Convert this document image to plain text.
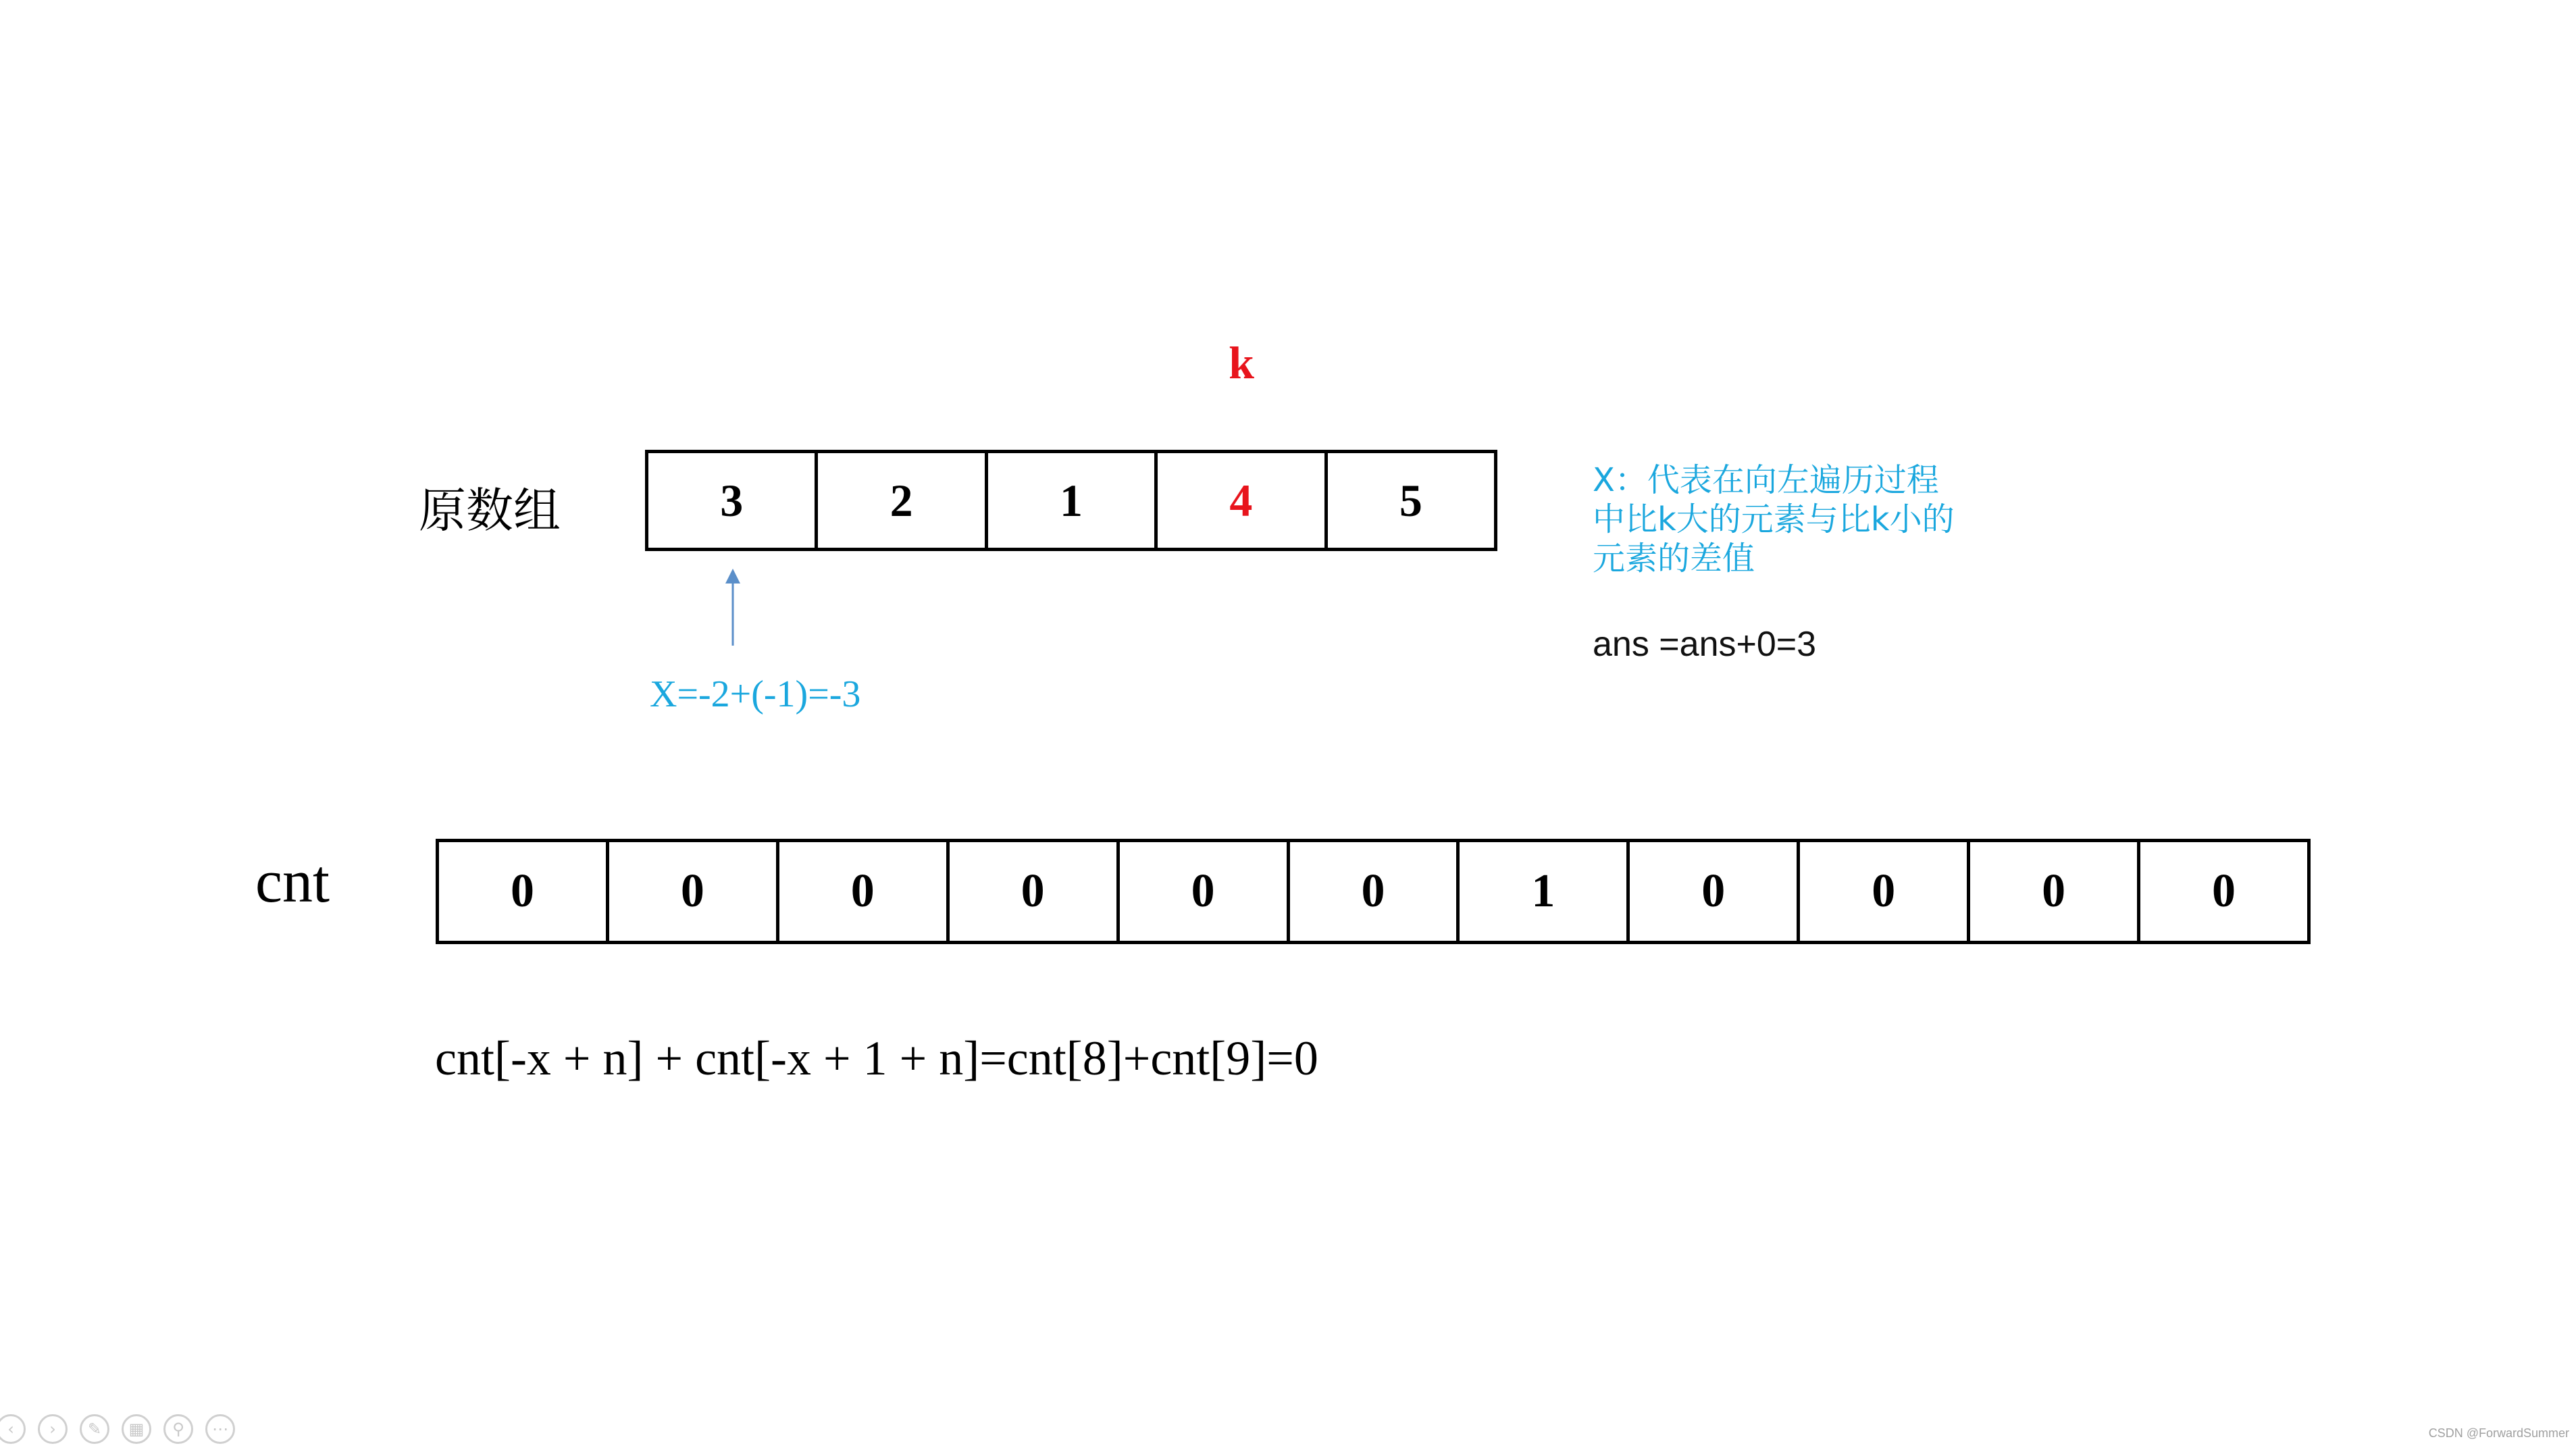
k
原数组	3	2	1	4	5
X=-2+(-1)=-3
X：代表在向左遍历过程
中比k大的元素与比k小的
元素的差值
ans =ans+0=3
cnt	0	0	0	0	0	0	1	0	0	0	0
cnt[-x + n] + cnt[-x + 1 + n]=cnt[8]+cnt[9]=0
‹	›	✎	▦	⚲	⋯	CSDN @ForwardSummer
